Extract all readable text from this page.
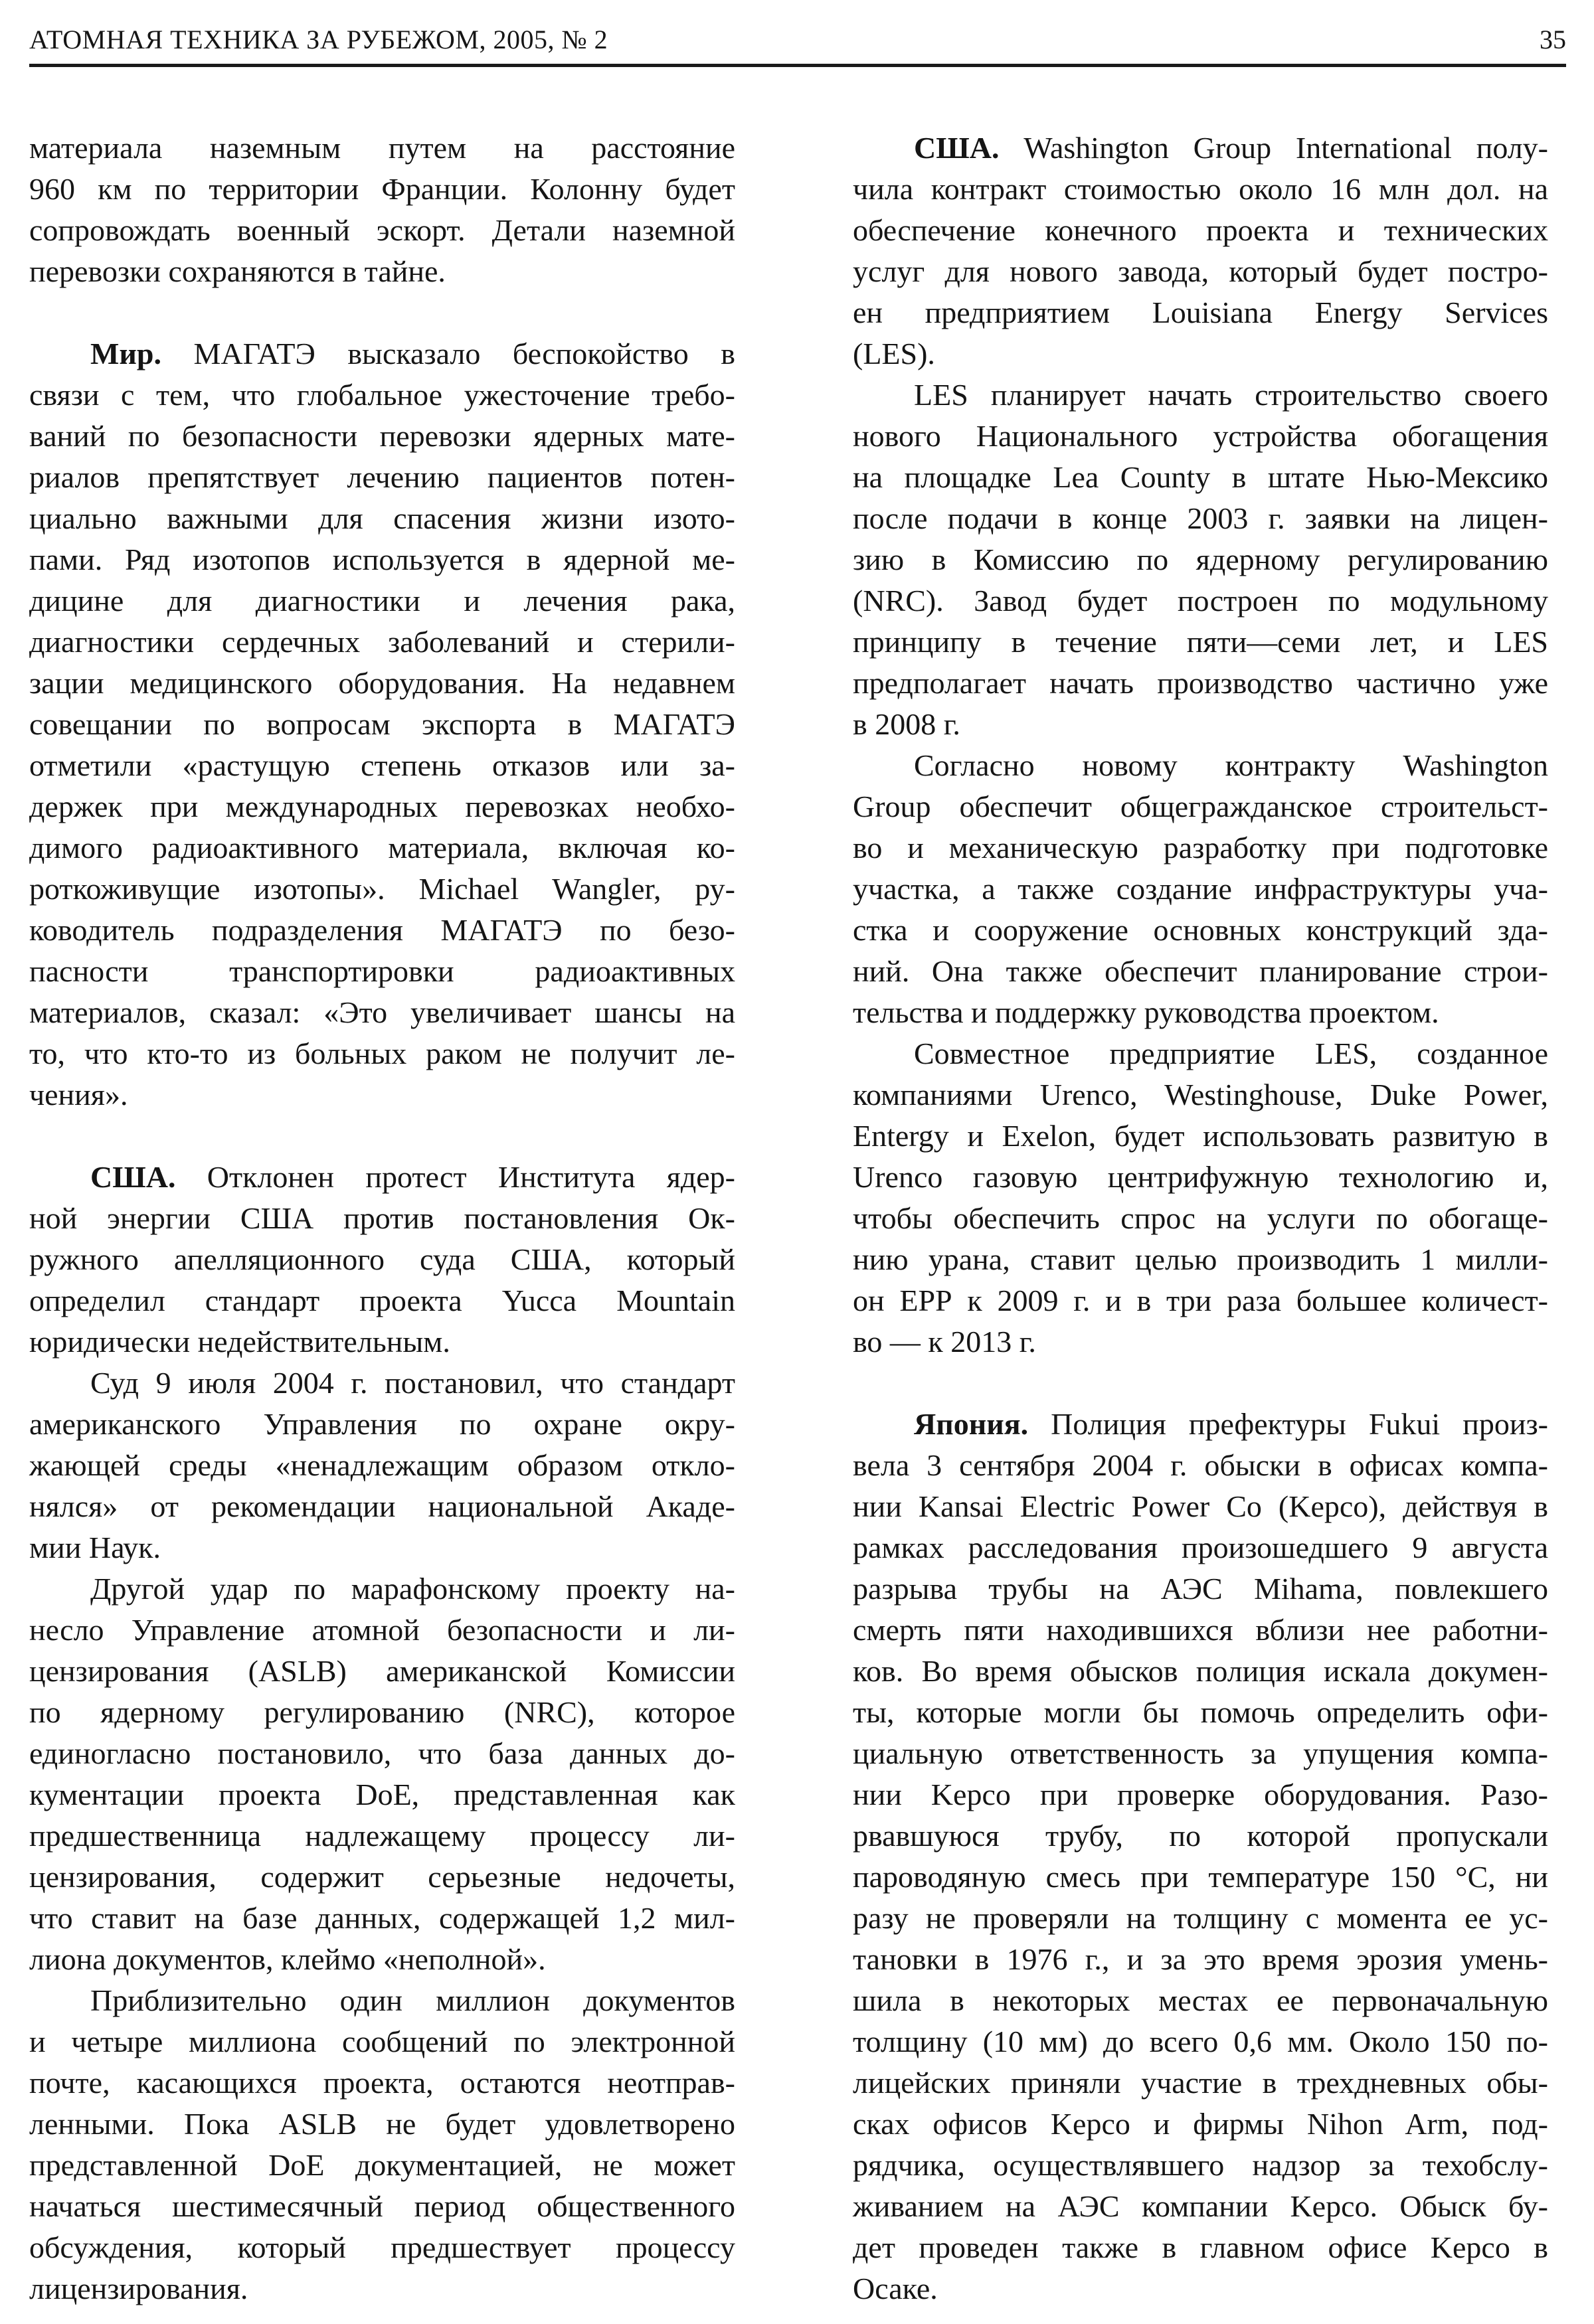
АТОМНАЯ ТЕХНИКА ЗА РУБЕЖОМ, 2005, № 2	35
материала наземным путем на расстояние
960 км по территории Франции. Колонну будет
сопровождать военный эскорт. Детали наземной
перевозки сохраняются в тайне.
Мир. МАГАТЭ высказало беспокойство в
связи с тем, что глобальное ужесточение требо-
ваний по безопасности перевозки ядерных мате-
риалов препятствует лечению пациентов потен-
циально важными для спасения жизни изото-
пами. Ряд изотопов используется в ядерной ме-
дицине для диагностики и лечения рака,
диагностики сердечных заболеваний и стерили-
зации медицинского оборудования. На недавнем
совещании по вопросам экспорта в МАГАТЭ
отметили «растущую степень отказов или за-
держек при международных перевозках необхо-
димого радиоактивного материала, включая ко-
роткоживущие изотопы». Michael Wangler, ру-
ководитель подразделения МАГАТЭ по безо-
пасности транспортировки радиоактивных
материалов, сказал: «Это увеличивает шансы на
то, что кто-то из больных раком не получит ле-
чения».
США. Отклонен протест Института ядер-
ной энергии США против постановления Ок-
ружного апелляционного суда США, который
определил стандарт проекта Yucca Mountain
юридически недействительным.
Суд 9 июля 2004 г. постановил, что стандарт
американского Управления по охране окру-
жающей среды «ненадлежащим образом откло-
нялся» от рекомендации национальной Акаде-
мии Наук.
Другой удар по марафонскому проекту на-
несло Управление атомной безопасности и ли-
цензирования (ASLB) американской Комиссии
по ядерному регулированию (NRC), которое
единогласно постановило, что база данных до-
кументации проекта DoE, представленная как
предшественница надлежащему процессу ли-
цензирования, содержит серьезные недочеты,
что ставит на базе данных, содержащей 1,2 мил-
лиона документов, клеймо «неполной».
Приблизительно один миллион документов
и четыре миллиона сообщений по электронной
почте, касающихся проекта, остаются неотправ-
ленными. Пока ASLB не будет удовлетворено
представленной DoE документацией, не может
начаться шестимесячный период общественного
обсуждения, который предшествует процессу
лицензирования.
США. Washington Group International полу-
чила контракт стоимостью около 16 млн дол. на
обеспечение конечного проекта и технических
услуг для нового завода, который будет постро-
ен предприятием Louisiana Energy Services
(LES).
LES планирует начать строительство своего
нового Национального устройства обогащения
на площадке Lea County в штате Нью-Мексико
после подачи в конце 2003 г. заявки на лицен-
зию в Комиссию по ядерному регулированию
(NRC). Завод будет построен по модульному
принципу в течение пяти—семи лет, и LES
предполагает начать производство частично уже
в 2008 г.
Согласно новому контракту Washington
Group обеспечит общегражданское строительст-
во и механическую разработку при подготовке
участка, а также создание инфраструктуры уча-
стка и сооружение основных конструкций зда-
ний. Она также обеспечит планирование строи-
тельства и поддержку руководства проектом.
Совместное предприятие LES, созданное
компаниями Urenco, Westinghouse, Duke Power,
Entergy и Exelon, будет использовать развитую в
Urenco газовую центрифужную технологию и,
чтобы обеспечить спрос на услуги по обогаще-
нию урана, ставит целью производить 1 милли-
он ЕРР к 2009 г. и в три раза большее количест-
во — к 2013 г.
Япония. Полиция префектуры Fukui произ-
вела 3 сентября 2004 г. обыски в офисах компа-
нии Kansai Electric Power Co (Kepco), действуя в
рамках расследования произошедшего 9 августа
разрыва трубы на АЭС Mihama, повлекшего
смерть пяти находившихся вблизи нее работни-
ков. Во время обысков полиция искала докумен-
ты, которые могли бы помочь определить офи-
циальную ответственность за упущения компа-
нии Kepco при проверке оборудования. Разо-
рвавшуюся трубу, по которой пропускали
пароводяную смесь при температуре 150 °С, ни
разу не проверяли на толщину с момента ее ус-
тановки в 1976 г., и за это время эрозия умень-
шила в некоторых местах ее первоначальную
толщину (10 мм) до всего 0,6 мм. Около 150 по-
лицейских приняли участие в трехдневных обы-
сках офисов Kepco и фирмы Nihon Arm, под-
рядчика, осуществлявшего надзор за техобслу-
живанием на АЭС компании Kepco. Обыск бу-
дет проведен также в главном офисе Kepco в
Осаке.
